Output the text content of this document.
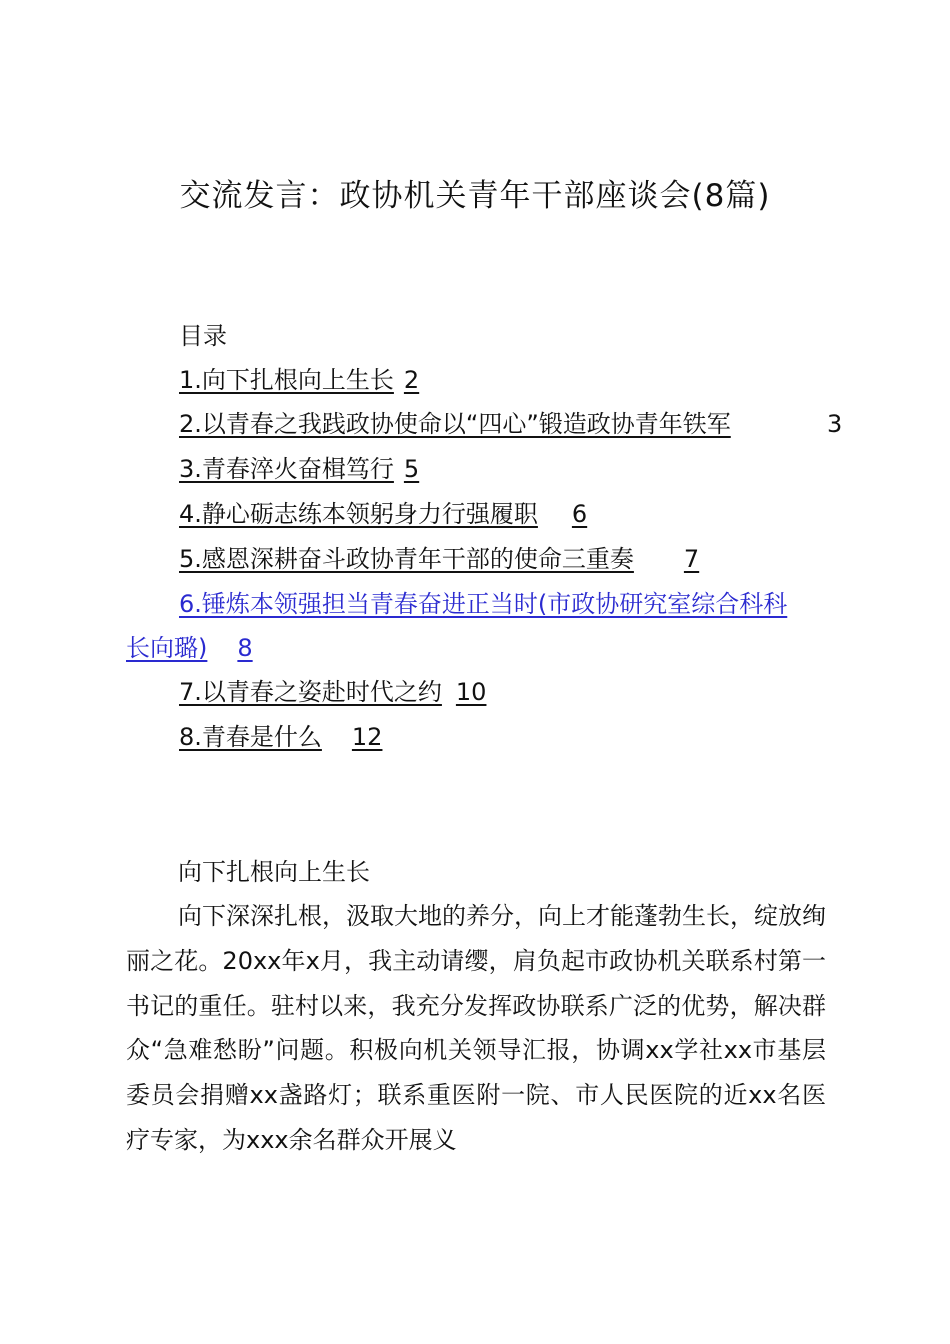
交流发言：政协机关青年干部座谈会(8篇)
目录
1.向下扎根向上生长 2
2.以青春之我践政协使命以“四心”锻造政协青年铁军	3
3.青春淬火奋楫笃行 5
4.静心砺志练本领躬身力行强履职 6
5.感恩深耕奋斗政协青年干部的使命三重奏 7
6.锤炼本领强担当青春奋进正当时(市政协研究室综合科科
长向璐) 8
7.以青春之姿赴时代之约 10
8.青春是什么 12
向下扎根向上生长
向下深深扎根，汲取大地的养分，向上才能蓬勃生长，绽放绚丽之花。20xx年x月，我主动请缨，肩负起市政协机关联系村第一书记的重任。驻村以来，我充分发挥政协联系广泛的优势，解决群众“急难愁盼”问题。积极向机关领导汇报，协调xx学社xx市基层委员会捐赠xx盏路灯；联系重医附一院、市人民医院的近xx名医疗专家，为xxx余名群众开展义
